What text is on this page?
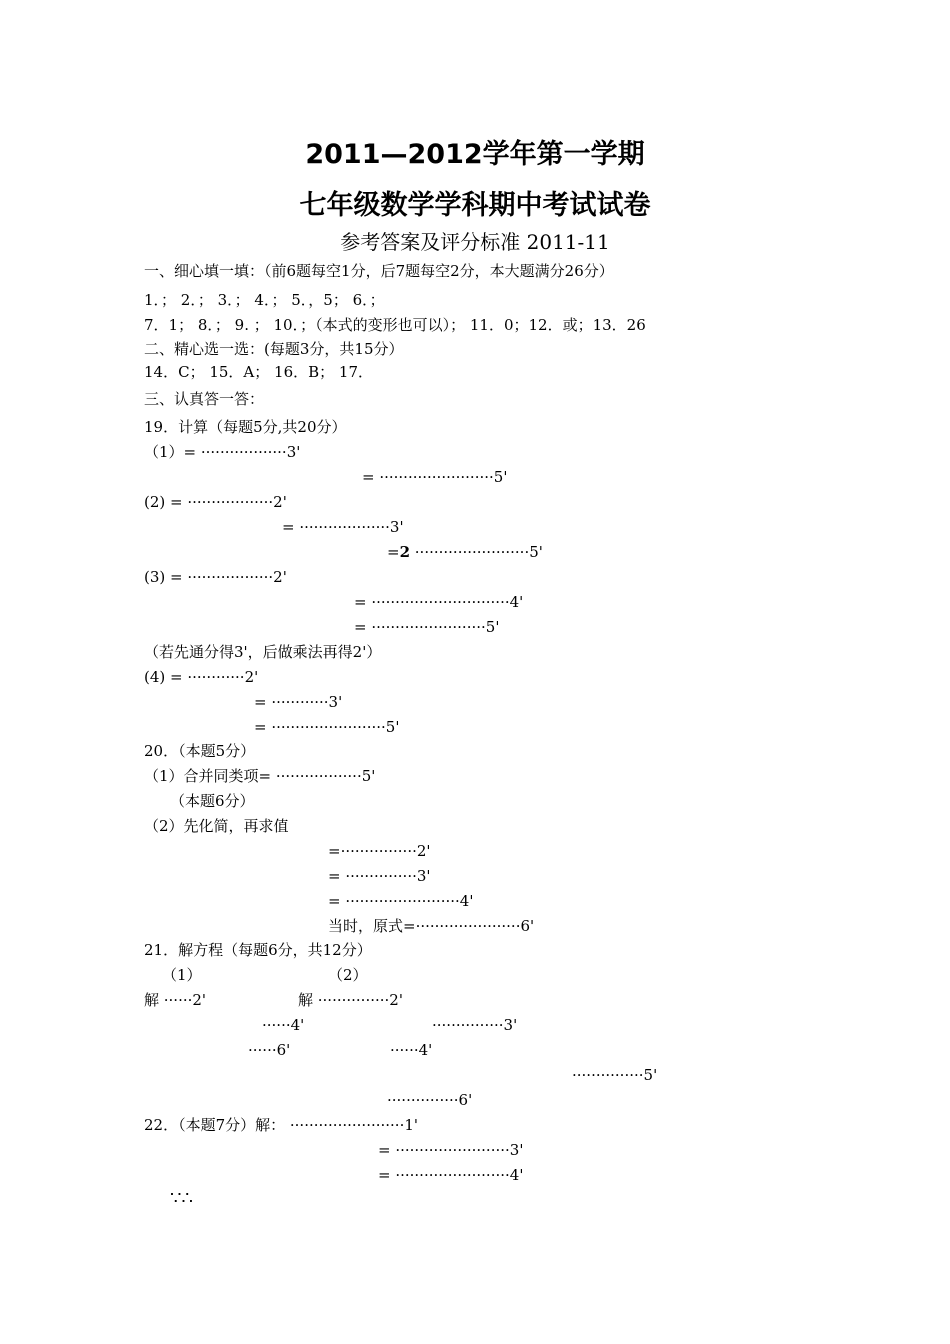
2011—2012学年第一学期
七年级数学学科期中考试试卷
参考答案及评分标准 2011-11
一、细心填一填：（前6题每空1分，后7题每空2分，本大题满分26分）
1．； 2．； 3．； 4．； 5．，5； 6．；
7．1； 8．； 9. ； 10．；（本式的变形也可以）； 11．0；12．或；13．26
二、精心选一选：(每题3分，共15分）
14．C； 15．A； 16．B； 17．
三、认真答一答：
19．计算（每题5分,共20分）
（1）= ··················3'
= ························5'
(2) = ··················2'
= ···················3'
=2 ························5'
(3) = ··················2'
= ·····························4'
= ························5'
（若先通分得3'，后做乘法再得2'）
(4) = ············2'
= ············3'
= ························5'
20．（本题5分）
（1）合并同类项= ··················5'
（本题6分）
（2）先化简，再求值
=················2'
= ···············3'
= ························4'
当时，原式=······················6'
21．解方程（每题6分，共12分）
（1）	（2）
解 ······2'	解 ···············2'
······4'	···············3'
······6'	······4'
···············5'
···············6'
22．（本题7分）解： ························1'
= ························3'
= ························4'
∵∴
